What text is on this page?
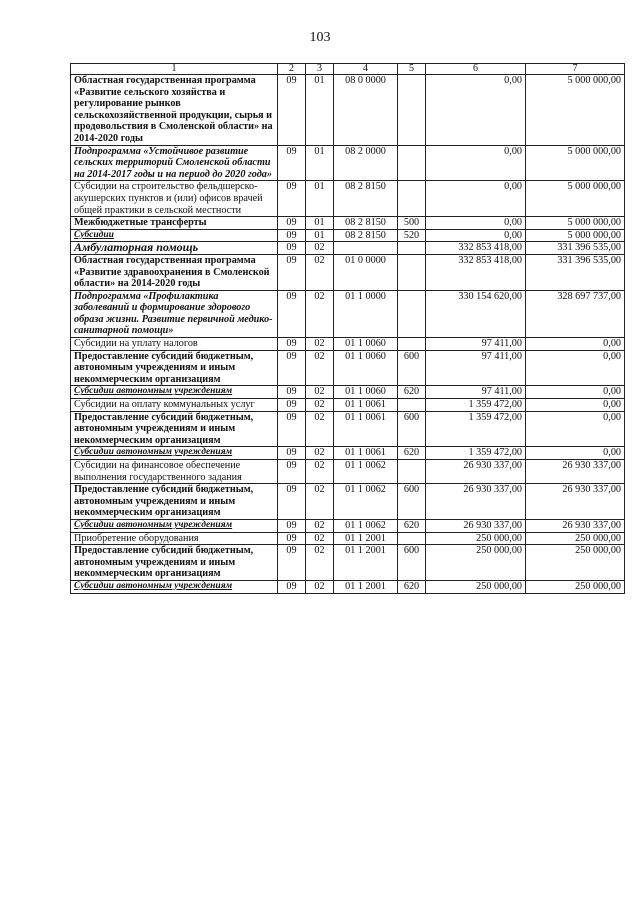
103
1	2	3	4	5	6	7
Областная государственная программа «Развитие сельского хозяйства и регулирование рынков сельскохозяйственной продукции, сырья и продовольствия в Смоленской области» на 2014-2020 годы	09	01	08 0 0000		0,00	5 000 000,00
Подпрограмма «Устойчивое развитие сельских территорий Смоленской области на 2014-2017 годы и на период до 2020 года»	09	01	08 2 0000		0,00	5 000 000,00
Субсидии на строительство фельдшерско-акушерских пунктов и (или) офисов врачей общей практики в сельской местности	09	01	08 2 8150		0,00	5 000 000,00
Межбюджетные трансферты	09	01	08 2 8150	500	0,00	5 000 000,00
Субсидии	09	01	08 2 8150	520	0,00	5 000 000,00
Амбулаторная помощь	09	02			332 853 418,00	331 396 535,00
Областная государственная программа «Развитие здравоохранения в Смоленской области» на 2014-2020 годы	09	02	01 0 0000		332 853 418,00	331 396 535,00
Подпрограмма «Профилактика заболеваний и формирование здорового образа жизни. Развитие первичной медико-санитарной помощи»	09	02	01 1 0000		330 154 620,00	328 697 737,00
Субсидии на уплату налогов	09	02	01 1 0060		97 411,00	0,00
Предоставление субсидий бюджетным, автономным учреждениям и иным некоммерческим организациям	09	02	01 1 0060	600	97 411,00	0,00
Субсидии автономным учреждениям	09	02	01 1 0060	620	97 411,00	0,00
Субсидии на оплату коммунальных услуг	09	02	01 1 0061		1 359 472,00	0,00
Предоставление субсидий бюджетным, автономным учреждениям и иным некоммерческим организациям	09	02	01 1 0061	600	1 359 472,00	0,00
Субсидии автономным учреждениям	09	02	01 1 0061	620	1 359 472,00	0,00
Субсидии на финансовое обеспечение выполнения государственного задания	09	02	01 1 0062		26 930 337,00	26 930 337,00
Предоставление субсидий бюджетным, автономным учреждениям и иным некоммерческим организациям	09	02	01 1 0062	600	26 930 337,00	26 930 337,00
Субсидии автономным учреждениям	09	02	01 1 0062	620	26 930 337,00	26 930 337,00
Приобретение оборудования	09	02	01 1 2001		250 000,00	250 000,00
Предоставление субсидий бюджетным, автономным учреждениям и иным некоммерческим организациям	09	02	01 1 2001	600	250 000,00	250 000,00
Субсидии автономным учреждениям	09	02	01 1 2001	620	250 000,00	250 000,00
